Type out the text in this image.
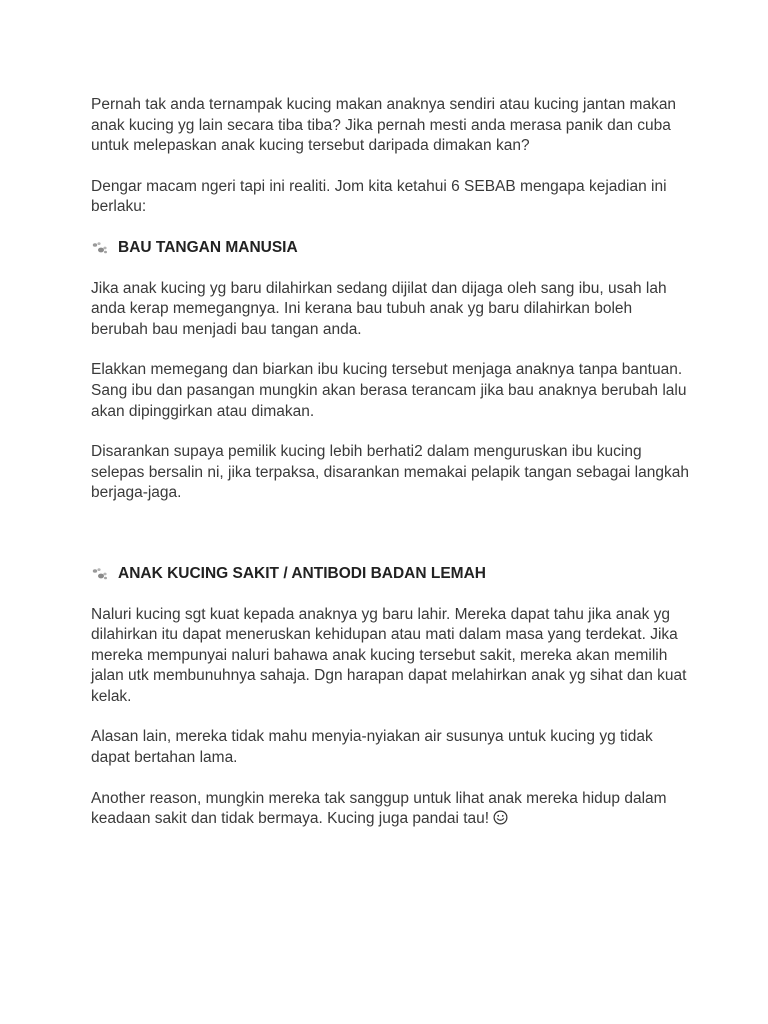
Pernah tak anda ternampak kucing makan anaknya sendiri atau kucing jantan makan anak kucing yg lain secara tiba tiba? Jika pernah mesti anda merasa panik dan cuba untuk melepaskan anak kucing tersebut daripada dimakan kan?

Dengar macam ngeri tapi ini realiti. Jom kita ketahui 6 SEBAB mengapa kejadian ini berlaku:

BAU TANGAN MANUSIA

Jika anak kucing yg baru dilahirkan sedang dijilat dan dijaga oleh sang ibu, usah lah anda kerap memegangnya. Ini kerana bau tubuh anak yg baru dilahirkan boleh berubah bau menjadi bau tangan anda.

Elakkan memegang dan biarkan ibu kucing tersebut menjaga anaknya tanpa bantuan. Sang ibu dan pasangan mungkin akan berasa terancam jika bau anaknya berubah lalu akan dipinggirkan atau dimakan.

Disarankan supaya pemilik kucing lebih berhati2 dalam menguruskan ibu kucing selepas bersalin ni, jika terpaksa, disarankan memakai pelapik tangan sebagai langkah berjaga-jaga.

ANAK KUCING SAKIT / ANTIBODI BADAN LEMAH

Naluri kucing sgt kuat kepada anaknya yg baru lahir. Mereka dapat tahu jika anak yg dilahirkan itu dapat meneruskan kehidupan atau mati dalam masa yang terdekat. Jika mereka mempunyai naluri bahawa anak kucing tersebut sakit, mereka akan memilih jalan utk membunuhnya sahaja. Dgn harapan dapat melahirkan anak yg sihat dan kuat kelak.

Alasan lain, mereka tidak mahu menyia-nyiakan air susunya untuk kucing yg tidak dapat bertahan lama.

Another reason, mungkin mereka tak sanggup untuk lihat anak mereka hidup dalam keadaan sakit dan tidak bermaya. Kucing juga pandai tau!
